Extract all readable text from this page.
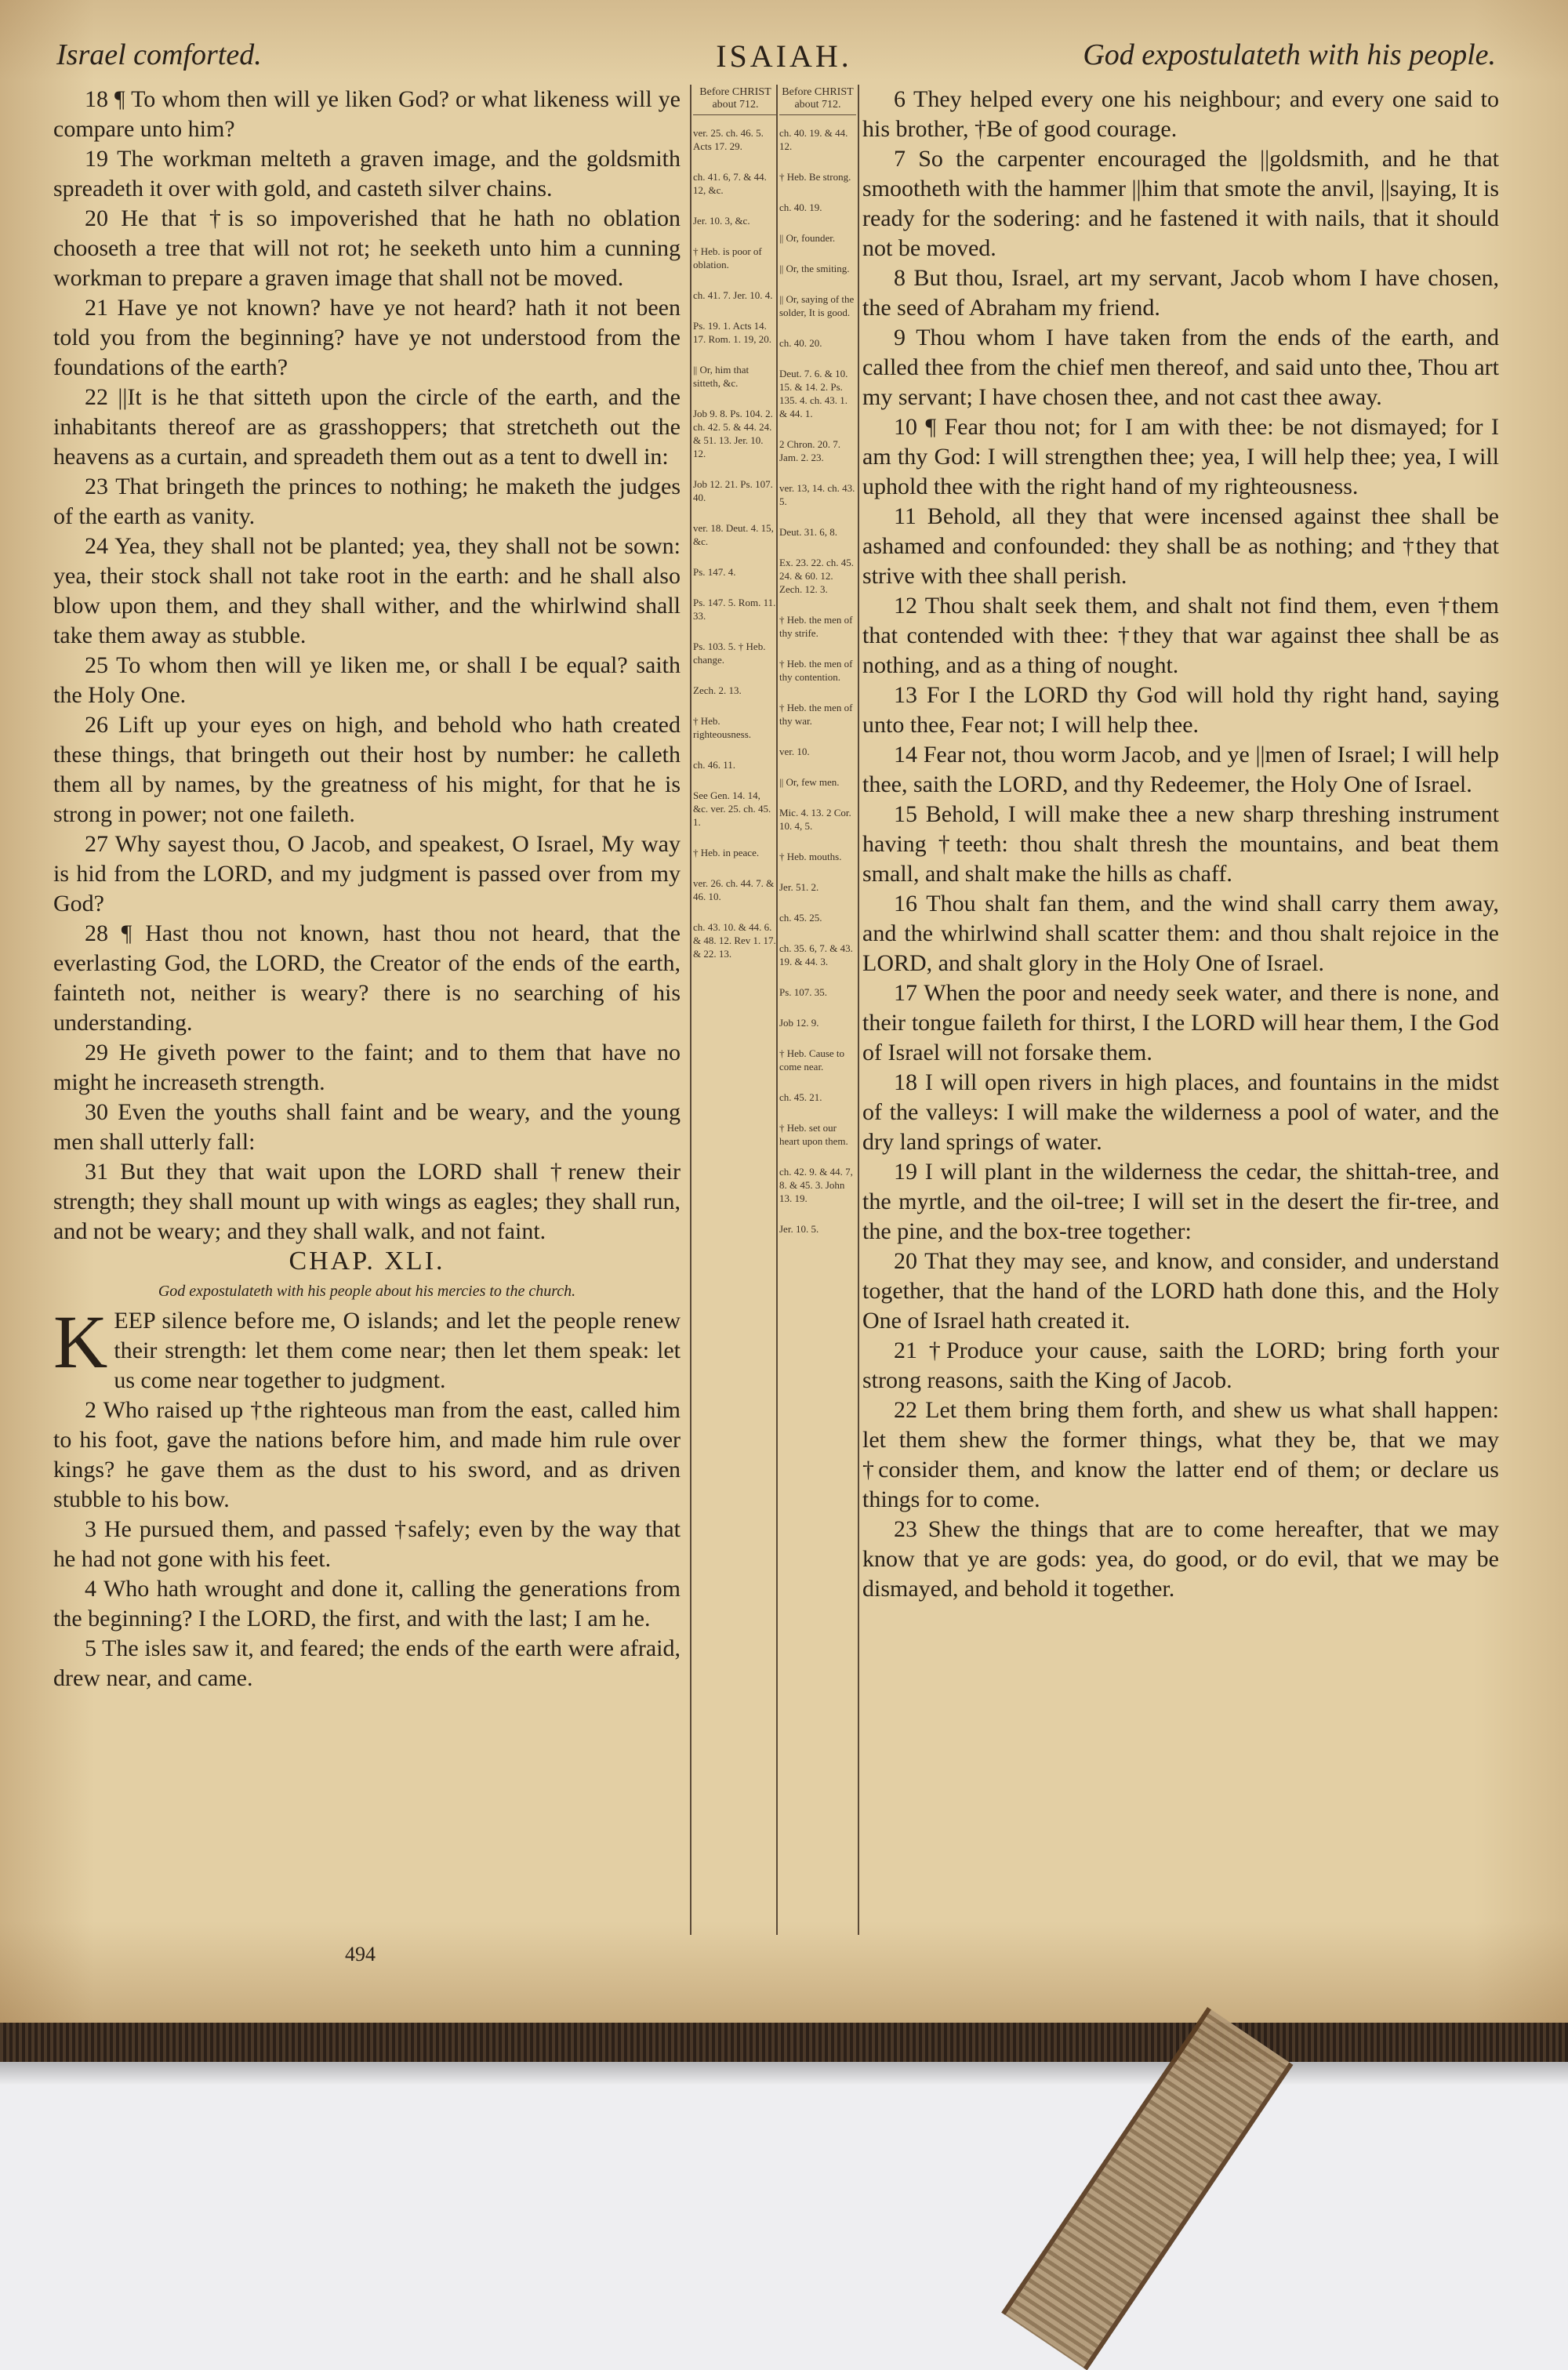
Israel comforted.	ISAIAH.	God expostulateth with his people.

18 ¶ To whom then will ye liken God? or what likeness will ye compare unto him?

19 The workman melteth a graven image, and the goldsmith spreadeth it over with gold, and casteth silver chains.

20 He that †is so impoverished that he hath no oblation chooseth a tree that will not rot; he seeketh unto him a cunning workman to prepare a graven image that shall not be moved.

21 Have ye not known? have ye not heard? hath it not been told you from the beginning? have ye not understood from the foundations of the earth?

22 ||It is he that sitteth upon the circle of the earth, and the inhabitants thereof are as grasshoppers; that stretcheth out the heavens as a curtain, and spreadeth them out as a tent to dwell in:

23 That bringeth the princes to nothing; he maketh the judges of the earth as vanity.

24 Yea, they shall not be planted; yea, they shall not be sown: yea, their stock shall not take root in the earth: and he shall also blow upon them, and they shall wither, and the whirlwind shall take them away as stubble.

25 To whom then will ye liken me, or shall I be equal? saith the Holy One.

26 Lift up your eyes on high, and behold who hath created these things, that bringeth out their host by number: he calleth them all by names, by the greatness of his might, for that he is strong in power; not one faileth.

27 Why sayest thou, O Jacob, and speakest, O Israel, My way is hid from the LORD, and my judgment is passed over from my God?

28 ¶ Hast thou not known, hast thou not heard, that the everlasting God, the LORD, the Creator of the ends of the earth, fainteth not, neither is weary? there is no searching of his understanding.

29 He giveth power to the faint; and to them that have no might he increaseth strength.

30 Even the youths shall faint and be weary, and the young men shall utterly fall:

31 But they that wait upon the LORD shall †renew their strength; they shall mount up with wings as eagles; they shall run, and not be weary; and they shall walk, and not faint.

CHAP. XLI.

God expostulateth with his people about his mercies to the church.

KEEP silence before me, O islands; and let the people renew their strength: let them come near; then let them speak: let us come near together to judgment.

2 Who raised up †the righteous man from the east, called him to his foot, gave the nations before him, and made him rule over kings? he gave them as the dust to his sword, and as driven stubble to his bow.

3 He pursued them, and passed †safely; even by the way that he had not gone with his feet.

4 Who hath wrought and done it, calling the generations from the beginning? I the LORD, the first, and with the last; I am he.

5 The isles saw it, and feared; the ends of the earth were afraid, drew near, and came.

Before CHRIST about 712.
ver. 25. ch. 46. 5. Acts 17. 29.
ch. 41. 6, 7. & 44. 12, &c.
Jer. 10. 3, &c.
† Heb. is poor of oblation.
ch. 41. 7. Jer. 10. 4.
Ps. 19. 1. Acts 14. 17. Rom. 1. 19, 20.
|| Or, him that sitteth, &c.
Job 9. 8. Ps. 104. 2. ch. 42. 5. & 44. 24. & 51. 13. Jer. 10. 12.
Job 12. 21. Ps. 107. 40.
ver. 18. Deut. 4. 15, &c.
Ps. 147. 4.
Ps. 147. 5. Rom. 11. 33.
Ps. 103. 5. † Heb. change.
Zech. 2. 13.
† Heb. righteousness.
ch. 46. 11.
See Gen. 14. 14, &c. ver. 25. ch. 45. 1.
† Heb. in peace.
ver. 26. ch. 44. 7. & 46. 10.
ch. 43. 10. & 44. 6. & 48. 12. Rev 1. 17. & 22. 13.
Before CHRIST about 712.
ch. 40. 19. & 44. 12.
† Heb. Be strong.
ch. 40. 19.
|| Or, founder.
|| Or, the smiting.
|| Or, saying of the solder, It is good.
ch. 40. 20.
Deut. 7. 6. & 10. 15. & 14. 2. Ps. 135. 4. ch. 43. 1. & 44. 1.
2 Chron. 20. 7. Jam. 2. 23.
ver. 13, 14. ch. 43. 5.
Deut. 31. 6, 8.
Ex. 23. 22. ch. 45. 24. & 60. 12. Zech. 12. 3.
† Heb. the men of thy strife.
† Heb. the men of thy contention.
† Heb. the men of thy war.
ver. 10.
|| Or, few men.
Mic. 4. 13. 2 Cor. 10. 4, 5.
† Heb. mouths.
Jer. 51. 2.
ch. 45. 25.
ch. 35. 6, 7. & 43. 19. & 44. 3.
Ps. 107. 35.
Job 12. 9.
† Heb. Cause to come near.
ch. 45. 21.
† Heb. set our heart upon them.
ch. 42. 9. & 44. 7, 8. & 45. 3. John 13. 19.
Jer. 10. 5.

6 They helped every one his neighbour; and every one said to his brother, †Be of good courage.

7 So the carpenter encouraged the ||goldsmith, and he that smootheth with the hammer ||him that smote the anvil, ||saying, It is ready for the sodering: and he fastened it with nails, that it should not be moved.

8 But thou, Israel, art my servant, Jacob whom I have chosen, the seed of Abraham my friend.

9 Thou whom I have taken from the ends of the earth, and called thee from the chief men thereof, and said unto thee, Thou art my servant; I have chosen thee, and not cast thee away.

10 ¶ Fear thou not; for I am with thee: be not dismayed; for I am thy God: I will strengthen thee; yea, I will help thee; yea, I will uphold thee with the right hand of my righteousness.

11 Behold, all they that were incensed against thee shall be ashamed and confounded: they shall be as nothing; and †they that strive with thee shall perish.

12 Thou shalt seek them, and shalt not find them, even †them that contended with thee: †they that war against thee shall be as nothing, and as a thing of nought.

13 For I the LORD thy God will hold thy right hand, saying unto thee, Fear not; I will help thee.

14 Fear not, thou worm Jacob, and ye ||men of Israel; I will help thee, saith the LORD, and thy Redeemer, the Holy One of Israel.

15 Behold, I will make thee a new sharp threshing instrument having †teeth: thou shalt thresh the mountains, and beat them small, and shalt make the hills as chaff.

16 Thou shalt fan them, and the wind shall carry them away, and the whirlwind shall scatter them: and thou shalt rejoice in the LORD, and shalt glory in the Holy One of Israel.

17 When the poor and needy seek water, and there is none, and their tongue faileth for thirst, I the LORD will hear them, I the God of Israel will not forsake them.

18 I will open rivers in high places, and fountains in the midst of the valleys: I will make the wilderness a pool of water, and the dry land springs of water.

19 I will plant in the wilderness the cedar, the shittah-tree, and the myrtle, and the oil-tree; I will set in the desert the fir-tree, and the pine, and the box-tree together:

20 That they may see, and know, and consider, and understand together, that the hand of the LORD hath done this, and the Holy One of Israel hath created it.

21 †Produce your cause, saith the LORD; bring forth your strong reasons, saith the King of Jacob.

22 Let them bring them forth, and shew us what shall happen: let them shew the former things, what they be, that we may †consider them, and know the latter end of them; or declare us things for to come.

23 Shew the things that are to come hereafter, that we may know that ye are gods: yea, do good, or do evil, that we may be dismayed, and behold it together.

494
